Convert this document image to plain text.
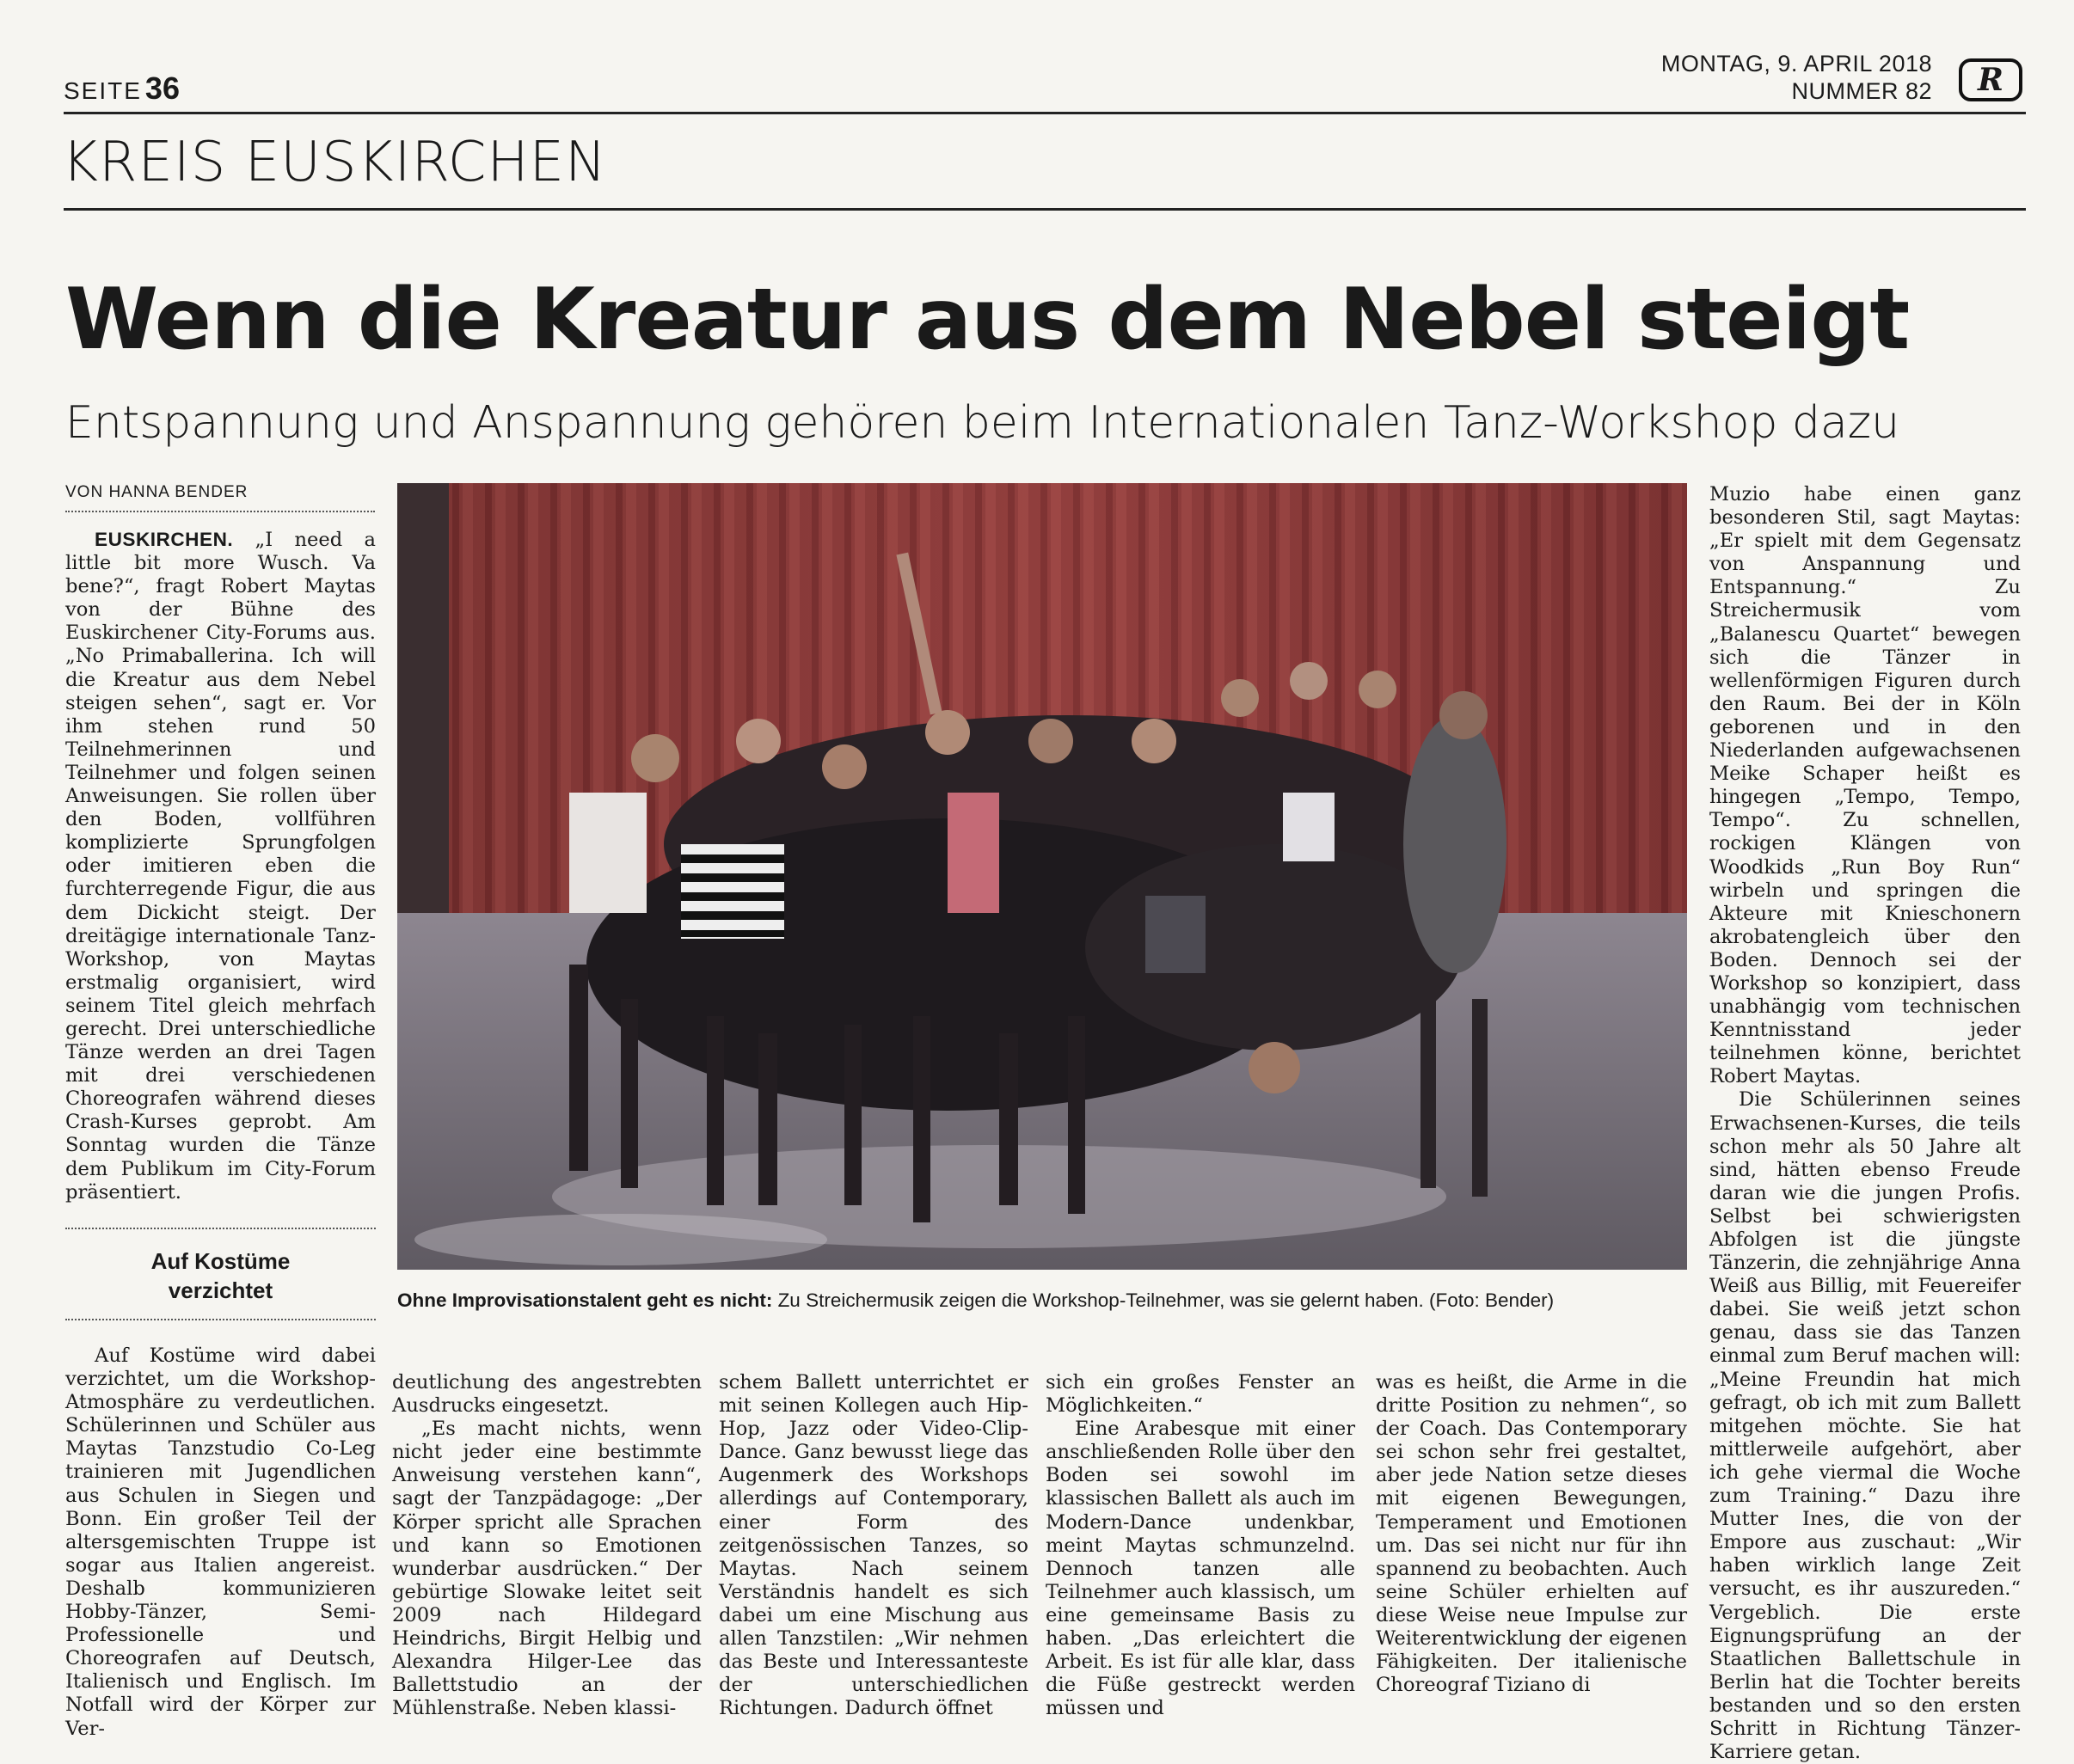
SEITE 36
MONTAG, 9. APRIL 2018
NUMMER 82 R
KREIS EUSKIRCHEN
Wenn die Kreatur aus dem Nebel steigt
Entspannung und Anspannung gehören beim Internationalen Tanz-Workshop dazu
VON HANNA BENDER

EUSKIRCHEN. „I need a little bit more Wusch. Va bene?“, fragt Robert Maytas von der Bühne des Euskirchener City-Forums aus. „No Primaballerina. Ich will die Kreatur aus dem Nebel steigen sehen“, sagt er. Vor ihm stehen rund 50 Teilnehmerinnen und Teilnehmer und folgen seinen Anweisungen. Sie rollen über den Boden, vollführen komplizierte Sprungfolgen oder imitieren eben die furchterregende Figur, die aus dem Dickicht steigt. Der dreitägige internationale Tanz-Workshop, von Maytas erstmalig organisiert, wird seinem Titel gleich mehrfach gerecht. Drei unterschiedliche Tänze werden an drei Tagen mit drei verschiedenen Choreografen während dieses Crash-Kurses geprobt. Am Sonntag wurden die Tänze dem Publikum im City-Forum präsentiert.

Auf Kostüme
verzichtet

Auf Kostüme wird dabei verzichtet, um die Workshop-Atmosphäre zu verdeutlichen. Schülerinnen und Schüler aus Maytas Tanzstudio Co-Leg trainieren mit Jugendlichen aus Schulen in Siegen und Bonn. Ein großer Teil der altersgemischten Truppe ist sogar aus Italien angereist. Deshalb kommunizieren Hobby-Tänzer, Semi-Professionelle und Choreografen auf Deutsch, Italienisch und Englisch. Im Notfall wird der Körper zur Ver-

deutlichung des angestrebten Ausdrucks eingesetzt.

„Es macht nichts, wenn nicht jeder eine bestimmte Anweisung verstehen kann“, sagt der Tanzpädagoge: „Der Körper spricht alle Sprachen und kann so Emotionen wunderbar ausdrücken.“ Der gebürtige Slowake leitet seit 2009 nach Hildegard Heindrichs, Birgit Helbig und Alexandra Hilger-Lee das Ballettstudio an der Mühlenstraße. Neben klassi-

schem Ballett unterrichtet er mit seinen Kollegen auch Hip-Hop, Jazz oder Video-Clip-Dance. Ganz bewusst liege das Augenmerk des Workshops allerdings auf Contemporary, einer Form des zeitgenössischen Tanzes, so Maytas. Nach seinem Verständnis handelt es sich dabei um eine Mischung aus allen Tanzstilen: „Wir nehmen das Beste und Interessanteste der unterschiedlichen Richtungen. Dadurch öffnet

sich ein großes Fenster an Möglichkeiten.“

Eine Arabesque mit einer anschließenden Rolle über den Boden sei sowohl im klassischen Ballett als auch im Modern-Dance undenkbar, meint Maytas schmunzelnd. Dennoch tanzen alle Teilnehmer auch klassisch, um eine gemeinsame Basis zu haben. „Das erleichtert die Arbeit. Es ist für alle klar, dass die Füße gestreckt werden müssen und

was es heißt, die Arme in die dritte Position zu nehmen“, so der Coach. Das Contemporary sei schon sehr frei gestaltet, aber jede Nation setze dieses mit eigenen Bewegungen, Temperament und Emotionen um. Das sei nicht nur für ihn spannend zu beobachten. Auch seine Schüler erhielten auf diese Weise neue Impulse zur Weiterentwicklung der eigenen Fähigkeiten. Der italienische Choreograf Tiziano di

Muzio habe einen ganz besonderen Stil, sagt Maytas: „Er spielt mit dem Gegensatz von Anspannung und Entspannung.“ Zu Streichermusik vom „Balanescu Quartet“ bewegen sich die Tänzer in wellenförmigen Figuren durch den Raum. Bei der in Köln geborenen und in den Niederlanden aufgewachsenen Meike Schaper heißt es hingegen „Tempo, Tempo, Tempo“. Zu schnellen, rockigen Klängen von Woodkids „Run Boy Run“ wirbeln und springen die Akteure mit Knieschonern akrobatengleich über den Boden. Dennoch sei der Workshop so konzipiert, dass unabhängig vom technischen Kenntnisstand jeder teilnehmen könne, berichtet Robert Maytas.

Die Schülerinnen seines Erwachsenen-Kurses, die teils schon mehr als 50 Jahre alt sind, hätten ebenso Freude daran wie die jungen Profis. Selbst bei schwierigsten Abfolgen ist die jüngste Tänzerin, die zehnjährige Anna Weiß aus Billig, mit Feuereifer dabei. Sie weiß jetzt schon genau, dass sie das Tanzen einmal zum Beruf machen will: „Meine Freundin hat mich gefragt, ob ich mit zum Ballett mitgehen möchte. Sie hat mittlerweile aufgehört, aber ich gehe viermal die Woche zum Training.“ Dazu ihre Mutter Ines, die von der Empore aus zuschaut: „Wir haben wirklich lange Zeit versucht, es ihr auszureden.“ Vergeblich. Die erste Eignungsprüfung an der Staatlichen Ballettschule in Berlin hat die Tochter bereits bestanden und so den ersten Schritt in Richtung Tänzer-Karriere getan.

Ohne Improvisationstalent geht es nicht: Zu Streichermusik zeigen die Workshop-Teilnehmer, was sie gelernt haben. (Foto: Bender)
